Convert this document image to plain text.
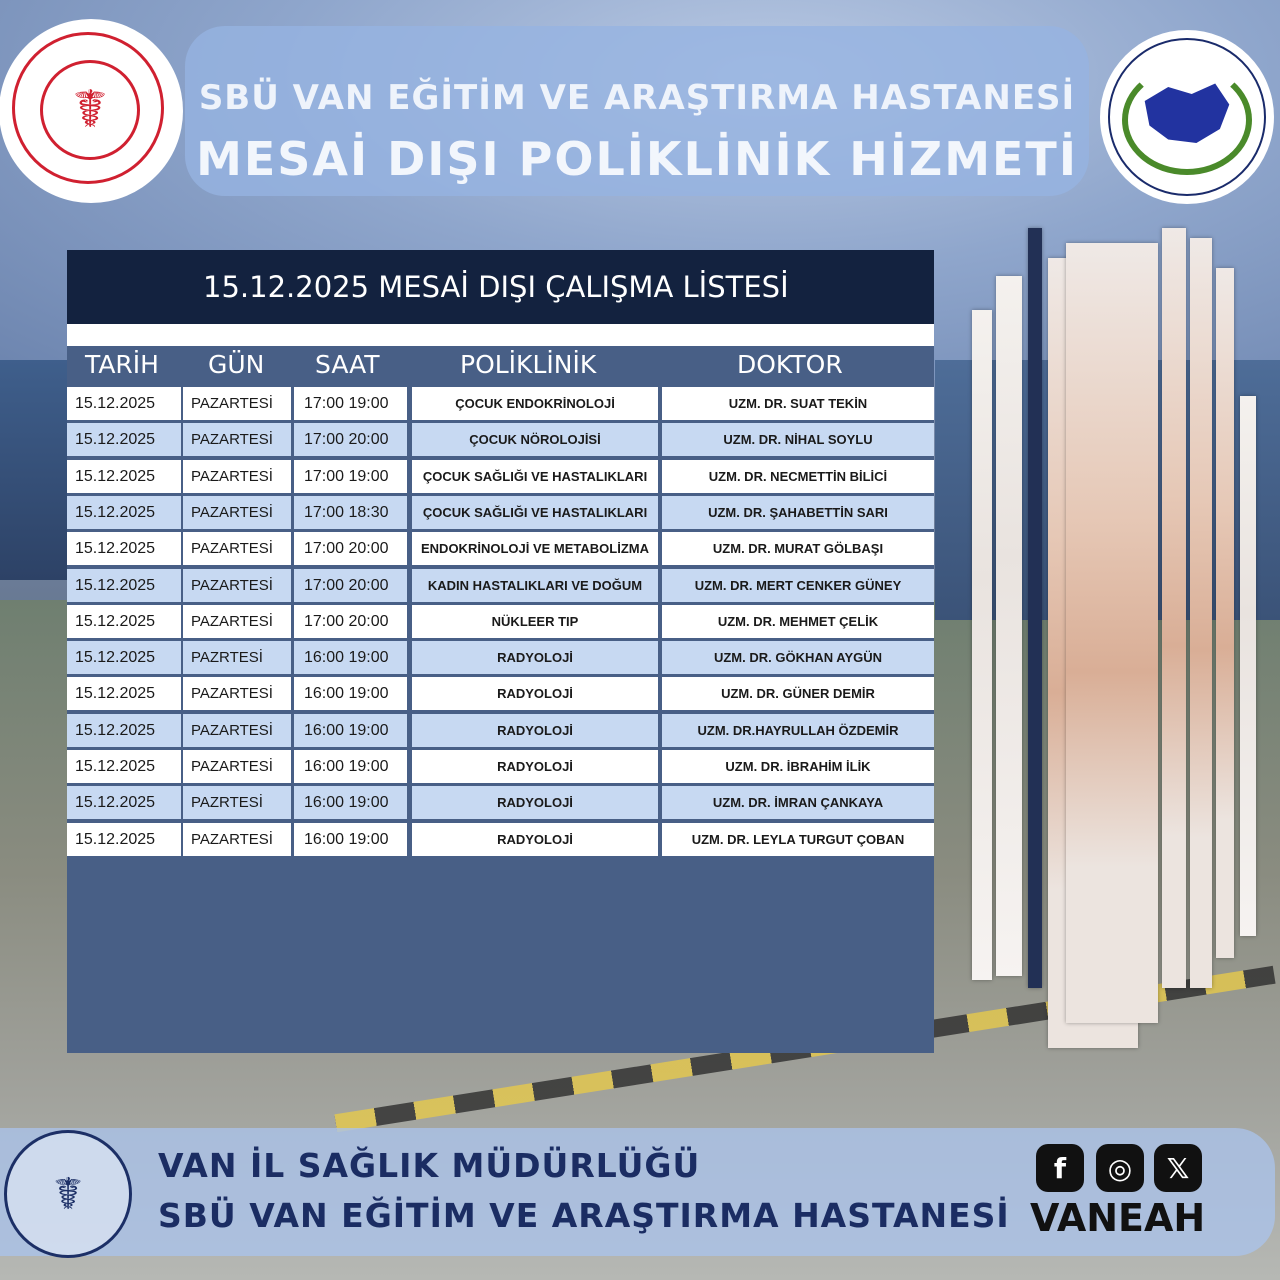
☤	SBÜ VAN EĞİTİM VE ARAŞTIRMA HASTANESİ
MESAİ DIŞI POLİKLİNİK HİZMETİ
15.12.2025 MESAİ DIŞI ÇALIŞMA LİSTESİ
TARİH GÜN SAAT	POLİKLİNİK	DOKTOR
15.12.2025	PAZARTESİ	17:00 19:00	ÇOCUK ENDOKRİNOLOJİ	UZM. DR. SUAT TEKİN
15.12.2025	PAZARTESİ	17:00 20:00	ÇOCUK NÖROLOJİSİ	UZM. DR. NİHAL SOYLU
15.12.2025	PAZARTESİ	17:00 19:00	ÇOCUK SAĞLIĞI VE HASTALIKLARI	UZM. DR. NECMETTİN BİLİCİ
15.12.2025	PAZARTESİ	17:00 18:30	ÇOCUK SAĞLIĞI VE HASTALIKLARI	UZM. DR. ŞAHABETTİN SARI
15.12.2025	PAZARTESİ	17:00 20:00	ENDOKRİNOLOJİ VE METABOLİZMA	UZM. DR. MURAT GÖLBAŞI
15.12.2025	PAZARTESİ	17:00 20:00	KADIN HASTALIKLARI VE DOĞUM	UZM. DR. MERT CENKER GÜNEY
15.12.2025	PAZARTESİ	17:00 20:00	NÜKLEER TIP	UZM. DR. MEHMET ÇELİK
15.12.2025	PAZRTESİ	16:00 19:00	RADYOLOJİ	UZM. DR. GÖKHAN AYGÜN
15.12.2025	PAZARTESİ	16:00 19:00	RADYOLOJİ	UZM. DR. GÜNER DEMİR
15.12.2025	PAZARTESİ	16:00 19:00	RADYOLOJİ	UZM. DR.HAYRULLAH ÖZDEMİR
15.12.2025	PAZARTESİ	16:00 19:00	RADYOLOJİ	UZM. DR. İBRAHİM İLİK
15.12.2025	PAZRTESİ	16:00 19:00	RADYOLOJİ	UZM. DR. İMRAN ÇANKAYA
15.12.2025	PAZARTESİ	16:00 19:00	RADYOLOJİ	UZM. DR. LEYLA TURGUT ÇOBAN
☤
VAN İL SAĞLIK MÜDÜRLÜĞÜ
SBÜ VAN EĞİTİM VE ARAŞTIRMA HASTANESİ
f	◎	𝕏
VANEAH
